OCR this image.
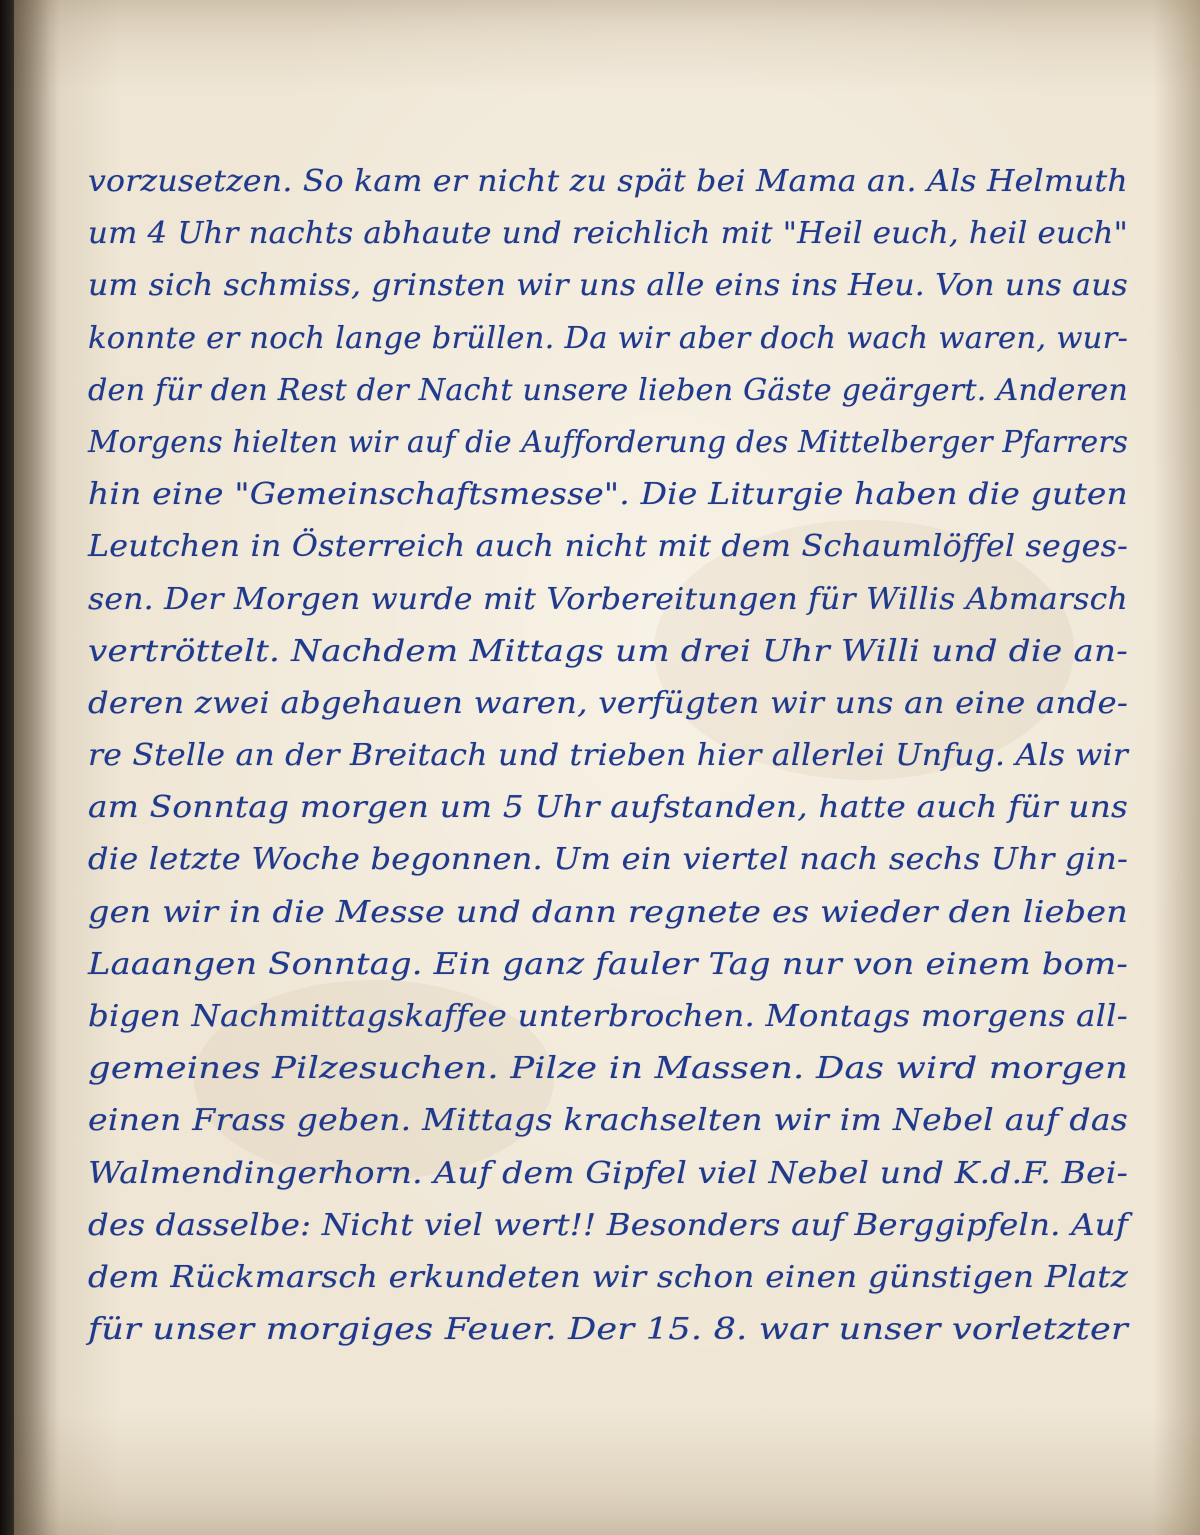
vorzusetzen. So kam er nicht zu spät bei Mama an. Als Helmuth
um 4 Uhr nachts abhaute und reichlich mit "Heil euch, heil euch"
um sich schmiss, grinsten wir uns alle eins ins Heu. Von uns aus
konnte er noch lange brüllen. Da wir aber doch wach waren, wur-
den für den Rest der Nacht unsere lieben Gäste geärgert. Anderen
Morgens hielten wir auf die Aufforderung des Mittelberger Pfarrers
hin eine "Gemeinschaftsmesse". Die Liturgie haben die guten
Leutchen in Österreich auch nicht mit dem Schaumlöffel seges-
sen. Der Morgen wurde mit Vorbereitungen für Willis Abmarsch
vertröttelt. Nachdem Mittags um drei Uhr Willi und die an-
deren zwei abgehauen waren, verfügten wir uns an eine ande-
re Stelle an der Breitach und trieben hier allerlei Unfug. Als wir
am Sonntag morgen um 5 Uhr aufstanden, hatte auch für uns
die letzte Woche begonnen. Um ein viertel nach sechs Uhr gin-
gen wir in die Messe und dann regnete es wieder den lieben
Laaangen Sonntag. Ein ganz fauler Tag nur von einem bom-
bigen Nachmittagskaffee unterbrochen. Montags morgens all-
gemeines Pilzesuchen. Pilze in Massen. Das wird morgen
einen Frass geben. Mittags krachselten wir im Nebel auf das
Walmendingerhorn. Auf dem Gipfel viel Nebel und K.d.F. Bei-
des dasselbe: Nicht viel wert!! Besonders auf Berggipfeln. Auf
dem Rückmarsch erkundeten wir schon einen günstigen Platz
für unser morgiges Feuer. Der 15. 8. war unser vorletzter
